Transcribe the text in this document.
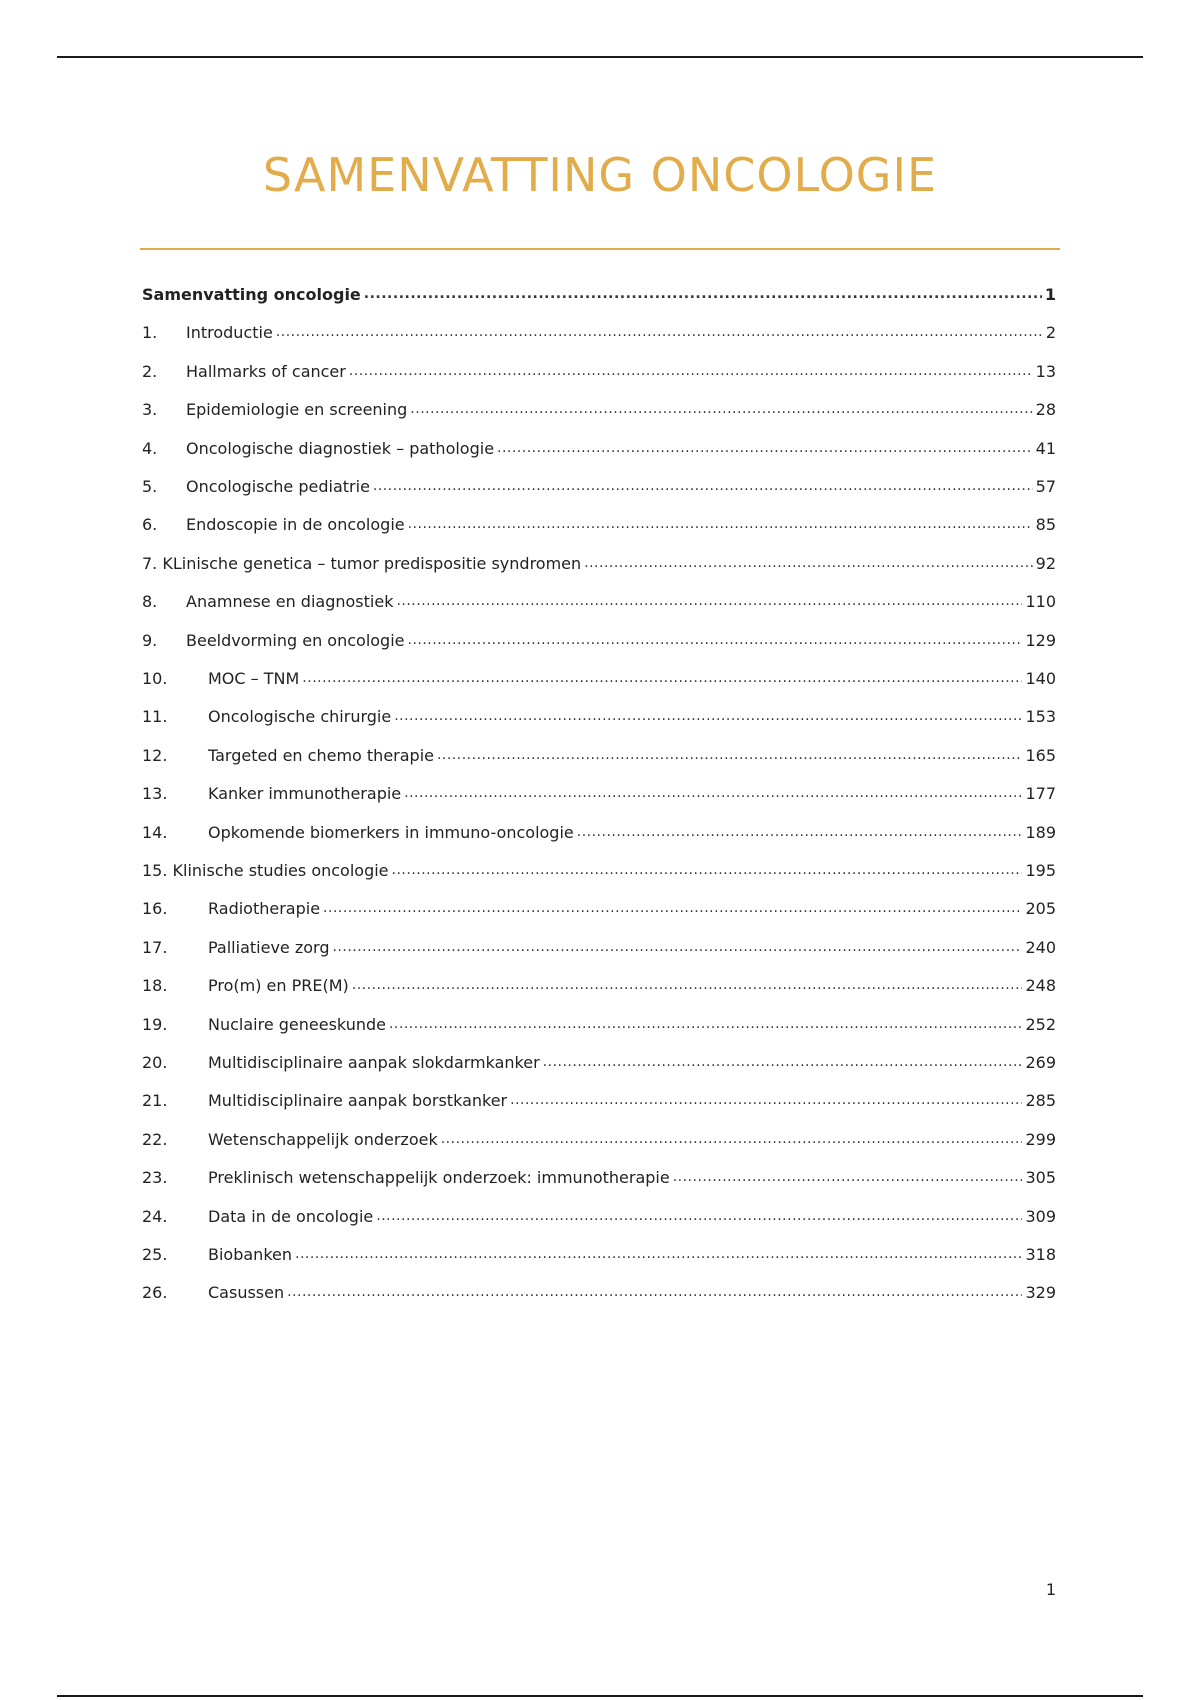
SAMENVATTING ONCOLOGIE
Samenvatting oncologie .....	1
1.	Introductie .....	2
2.	Hallmarks of cancer .....	13
3.	Epidemiologie en screening .....	28
4.	Oncologische diagnostiek – pathologie .....	41
5.	Oncologische pediatrie .....	57
6.	Endoscopie in de oncologie .....	85
7. KLinische genetica – tumor predispositie syndromen .....	92
8.	Anamnese en diagnostiek .....	110
9.	Beeldvorming en oncologie .....	129
10.	MOC – TNM .....	140
11.	Oncologische chirurgie .....	153
12.	Targeted en chemo therapie .....	165
13.	Kanker immunotherapie .....	177
14.	Opkomende biomerkers in immuno-oncologie .....	189
15. Klinische studies oncologie .....	195
16.	Radiotherapie .....	205
17.	Palliatieve zorg .....	240
18.	Pro(m) en PRE(M) .....	248
19.	Nuclaire geneeskunde .....	252
20.	Multidisciplinaire aanpak slokdarmkanker .....	269
21.	Multidisciplinaire aanpak borstkanker .....	285
22.	Wetenschappelijk onderzoek .....	299
23.	Preklinisch wetenschappelijk onderzoek: immunotherapie .....	305
24.	Data in de oncologie .....	309
25.	Biobanken .....	318
26.	Casussen .....	329
1
